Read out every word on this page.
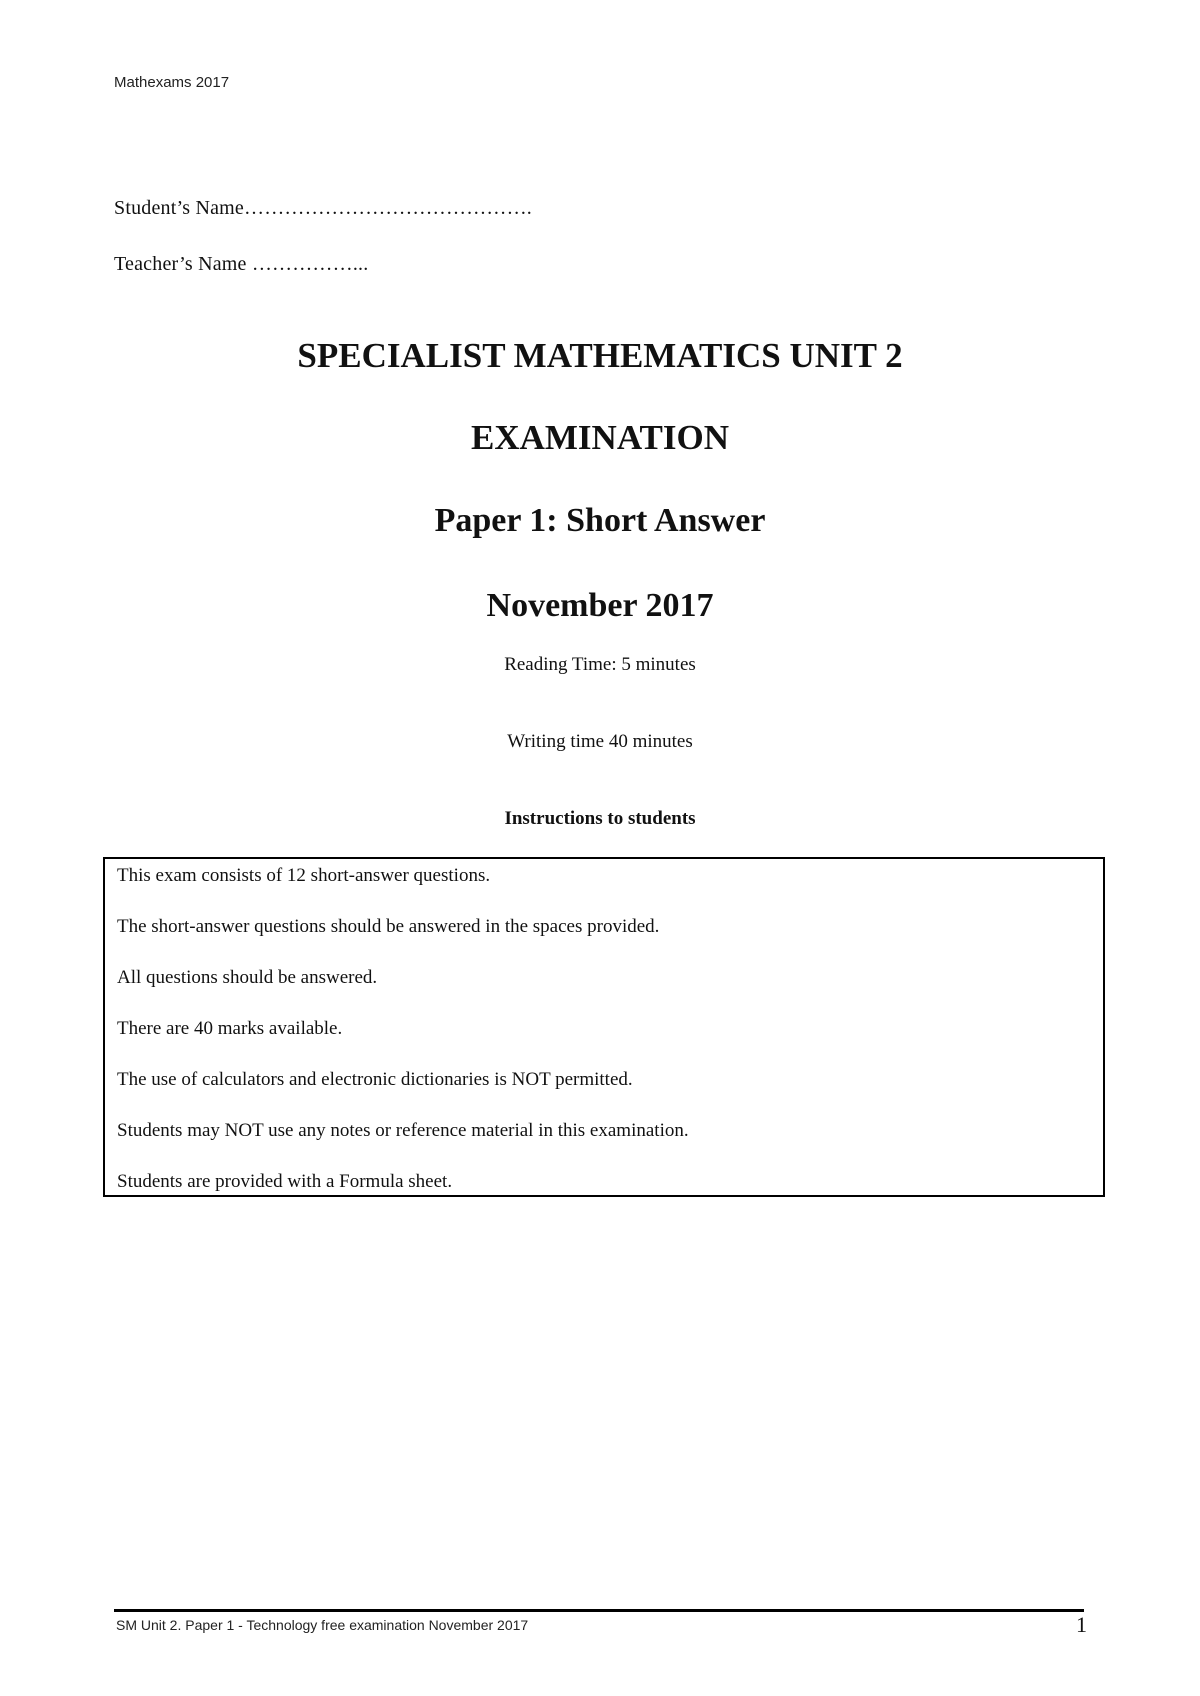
Mathexams 2017
Student’s Name…………………………………….
Teacher’s Name ……………...
SPECIALIST MATHEMATICS UNIT 2
EXAMINATION
Paper 1: Short Answer
November 2017
Reading Time: 5 minutes
Writing time 40 minutes
Instructions to students
This exam consists of 12 short-answer questions.
The short-answer questions should be answered in the spaces provided.
All questions should be answered.
There are 40 marks available.
The use of calculators and electronic dictionaries is NOT permitted.
Students may NOT use any notes or reference material in this examination.
Students are provided with a Formula sheet.
SM Unit 2. Paper 1 - Technology free examination November 2017	1
